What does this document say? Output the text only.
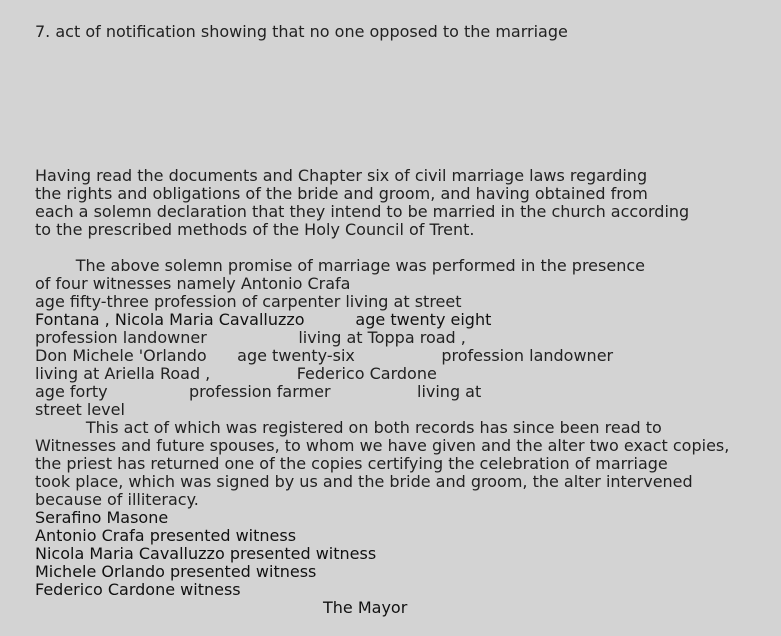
7. act of notification showing that no one opposed to the marriage
Having read the documents and Chapter six of civil marriage laws regarding
the rights and obligations of the bride and groom, and having obtained from
each a solemn declaration that they intend to be married in the church according
to the prescribed methods of the Holy Council of Trent.
The above solemn promise of marriage was performed in the presence
of four witnesses namely Antonio Crafa
age fifty-three profession of carpenter living at street
Fontana , Nicola Maria Cavalluzzo          age twenty eight
profession landowner                  living at Toppa road ,
Don Michele 'Orlando      age twenty-six                 profession landowner
living at Ariella Road ,                 Federico Cardone
age forty                profession farmer                 living at
street level
This act of which was registered on both records has since been read to
Witnesses and future spouses, to whom we have given and the alter two exact copies,
the priest has returned one of the copies certifying the celebration of marriage
took place, which was signed by us and the bride and groom, the alter intervened
because of illiteracy.
Serafino Masone
Antonio Crafa presented witness
Nicola Maria Cavalluzzo presented witness
Michele Orlando presented witness
Federico Cardone witness
The Mayor
